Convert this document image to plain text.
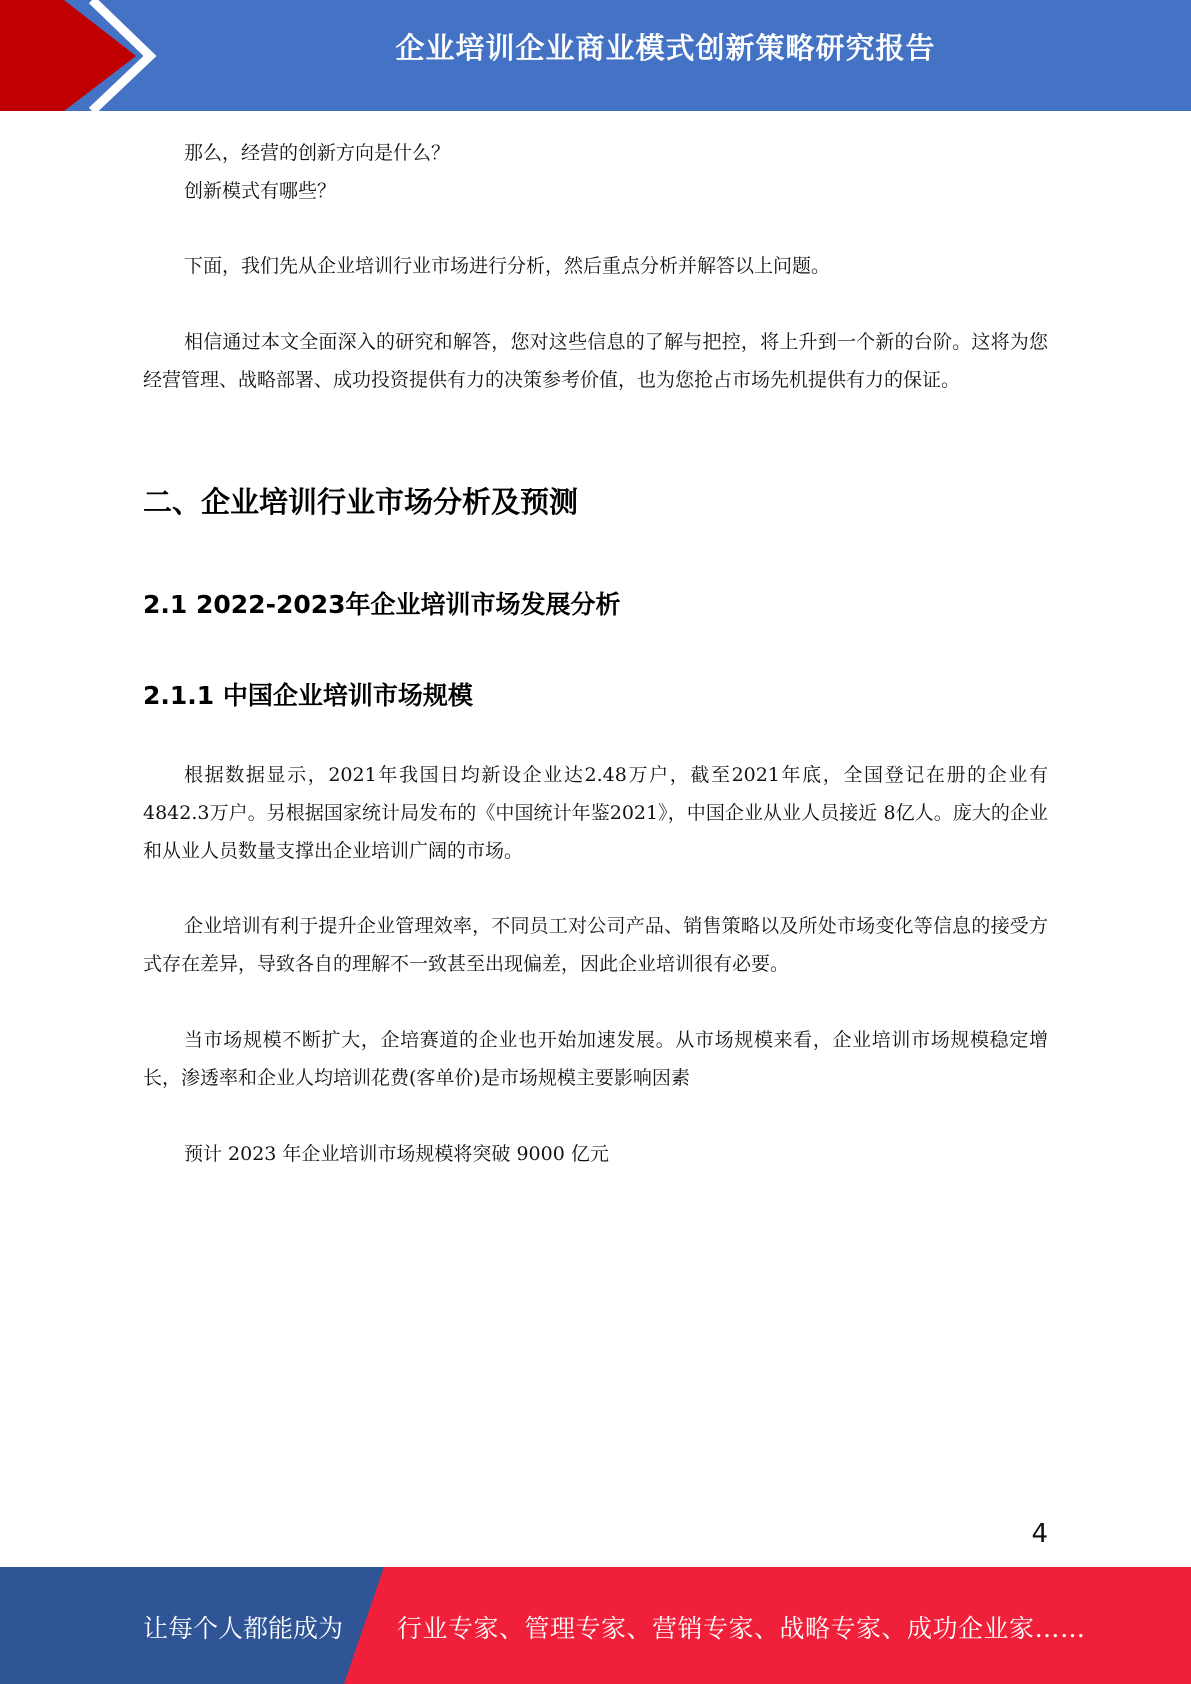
企业培训企业商业模式创新策略研究报告

那么，经营的创新方向是什么？

创新模式有哪些？

下面，我们先从企业培训行业市场进行分析，然后重点分析并解答以上问题。

相信通过本文全面深入的研究和解答，您对这些信息的了解与把控，将上升到一个新的台阶。这将为您经营管理、战略部署、成功投资提供有力的决策参考价值，也为您抢占市场先机提供有力的保证。

二、企业培训行业市场分析及预测
2.1 2022-2023年企业培训市场发展分析
2.1.1 中国企业培训市场规模

根据数据显示，2021年我国日均新设企业达2.48万户，截至2021年底，全国登记在册的企业有4842.3万户。另根据国家统计局发布的《中国统计年鉴2021》，中国企业从业人员接近 8亿人。庞大的企业和从业人员数量支撑出企业培训广阔的市场。

企业培训有利于提升企业管理效率，不同员工对公司产品、销售策略以及所处市场变化等信息的接受方式存在差异，导致各自的理解不一致甚至出现偏差，因此企业培训很有必要。

当市场规模不断扩大，企培赛道的企业也开始加速发展。从市场规模来看，企业培训市场规模稳定增长，渗透率和企业人均培训花费(客单价)是市场规模主要影响因素

预计 2023 年企业培训市场规模将突破 9000 亿元

4
让每个人都能成为 行业专家、管理专家、营销专家、战略专家、成功企业家……
